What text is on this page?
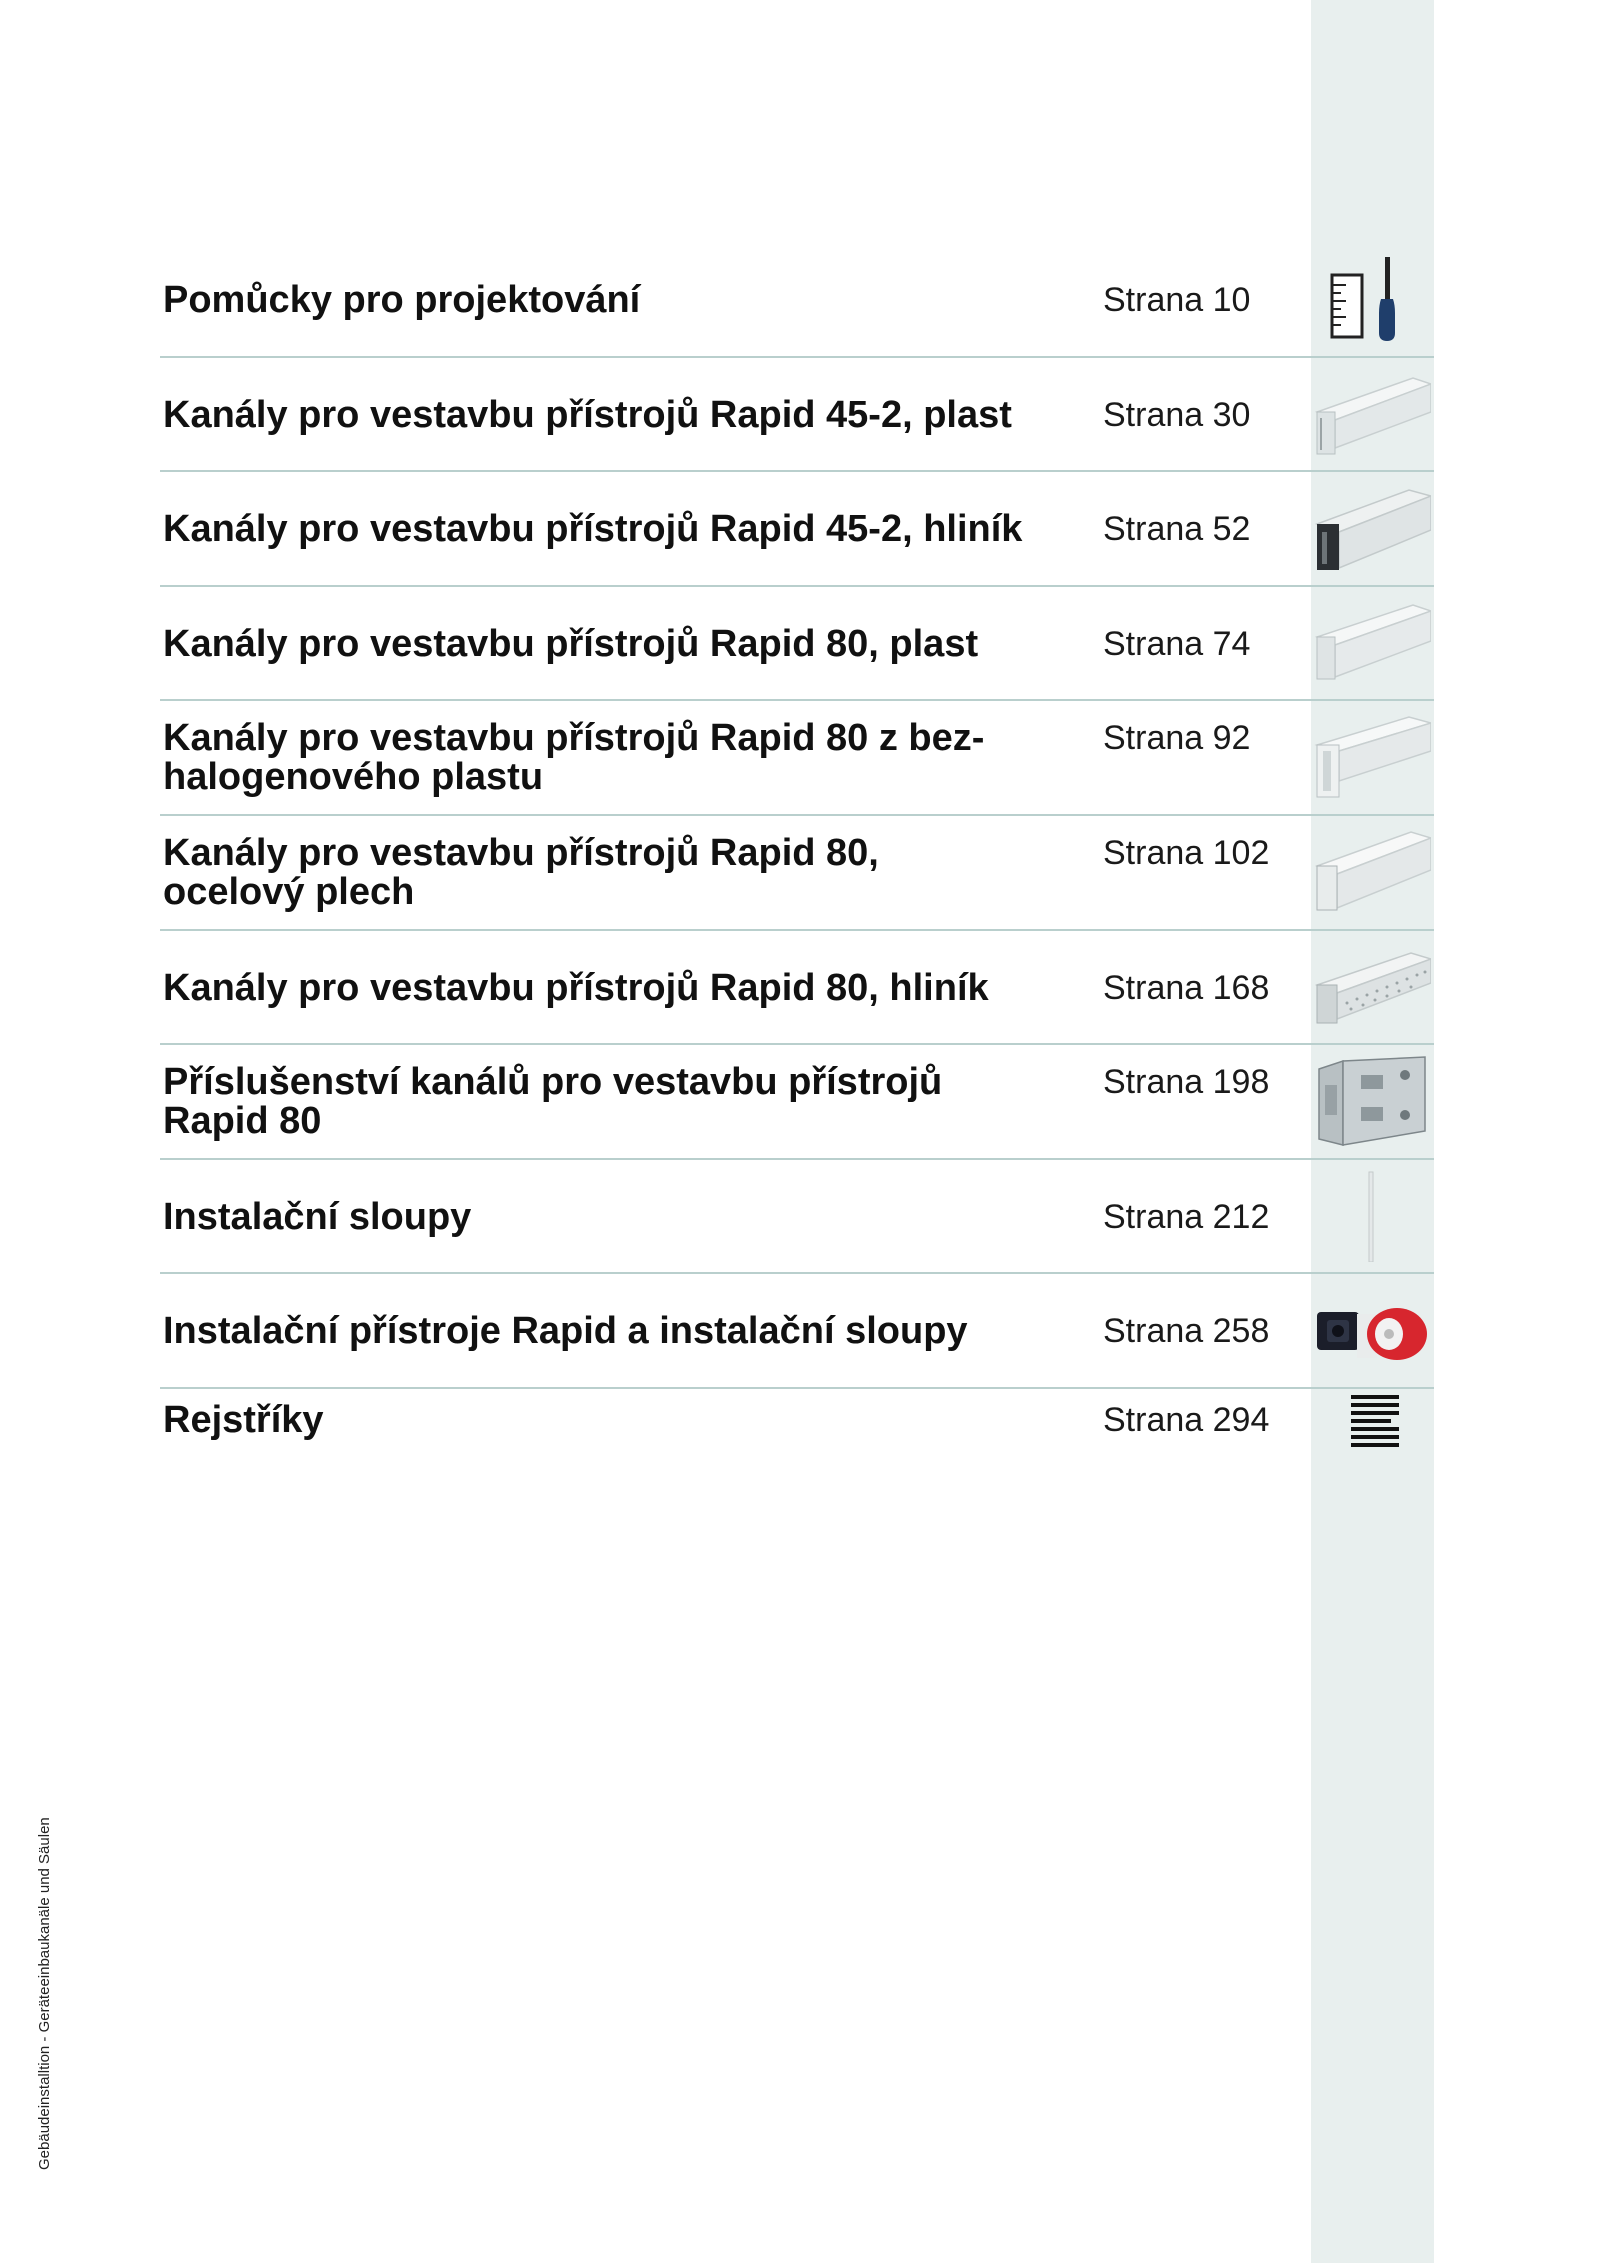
Pomůcky pro projektování	Strana 10
Kanály pro vestavbu přístrojů Rapid 45-2, plast	Strana 30
Kanály pro vestavbu přístrojů Rapid 45-2, hliník	Strana 52
Kanály pro vestavbu přístrojů Rapid 80, plast	Strana 74
Kanály pro vestavbu přístrojů Rapid 80 z bez-
halogenového plastu
Strana 92
Kanály pro vestavbu přístrojů Rapid 80,
ocelový plech
Strana 102
Kanály pro vestavbu přístrojů Rapid 80, hliník	Strana 168
Příslušenství kanálů pro vestavbu přístrojů
Rapid 80
Strana 198
Instalační sloupy	Strana 212
Instalační přístroje Rapid a instalační sloupy	Strana 258
Rejstříky	Strana 294
Gebäudeinstalltion - Geräteeinbaukanäle und Säulen
